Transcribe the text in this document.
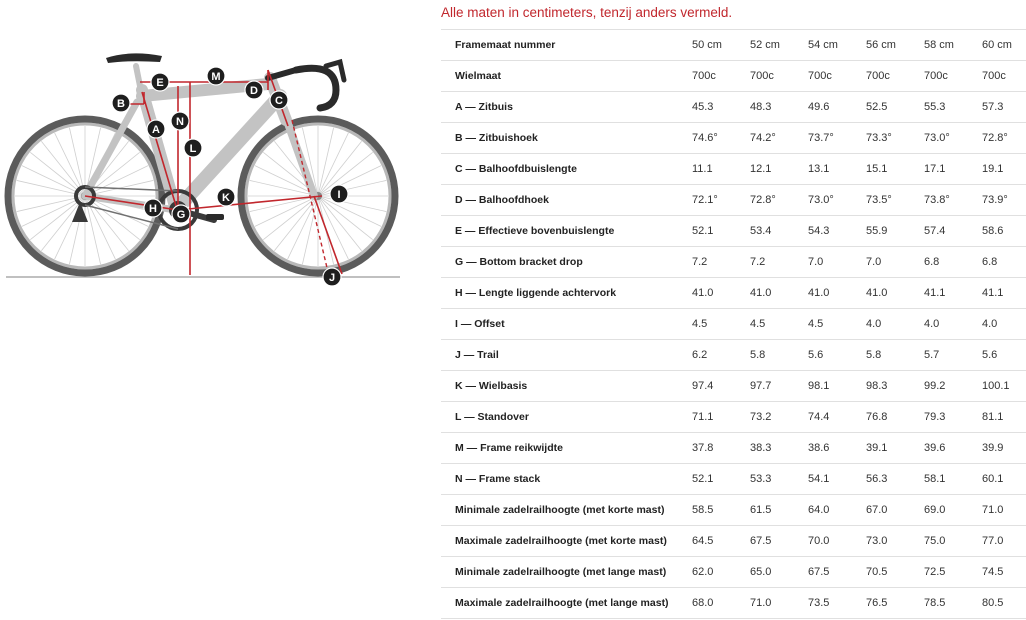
Alle maten in centimeters, tenzij anders vermeld.
A
B	C
D
E
G
H
I
J
K
L
M
N
Framemaat nummer	50 cm	52 cm	54 cm	56 cm	58 cm	60 cm
Wielmaat	700c	700c	700c	700c	700c	700c
A — Zitbuis	45.3	48.3	49.6	52.5	55.3	57.3
B — Zitbuishoek	74.6°	74.2°	73.7°	73.3°	73.0°	72.8°
C — Balhoofdbuislengte	11.1	12.1	13.1	15.1	17.1	19.1
D — Balhoofdhoek	72.1°	72.8°	73.0°	73.5°	73.8°	73.9°
E — Effectieve bovenbuislengte	52.1	53.4	54.3	55.9	57.4	58.6
G — Bottom bracket drop	7.2	7.2	7.0	7.0	6.8	6.8
H — Lengte liggende achtervork	41.0	41.0	41.0	41.0	41.1	41.1
I — Offset	4.5	4.5	4.5	4.0	4.0	4.0
J — Trail	6.2	5.8	5.6	5.8	5.7	5.6
K — Wielbasis	97.4	97.7	98.1	98.3	99.2	100.1
L — Standover	71.1	73.2	74.4	76.8	79.3	81.1
M — Frame reikwijdte	37.8	38.3	38.6	39.1	39.6	39.9
N — Frame stack	52.1	53.3	54.1	56.3	58.1	60.1
Minimale zadelrailhoogte (met korte mast)	58.5	61.5	64.0	67.0	69.0	71.0
Maximale zadelrailhoogte (met korte mast)	64.5	67.5	70.0	73.0	75.0	77.0
Minimale zadelrailhoogte (met lange mast)	62.0	65.0	67.5	70.5	72.5	74.5
Maximale zadelrailhoogte (met lange mast)	68.0	71.0	73.5	76.5	78.5	80.5
